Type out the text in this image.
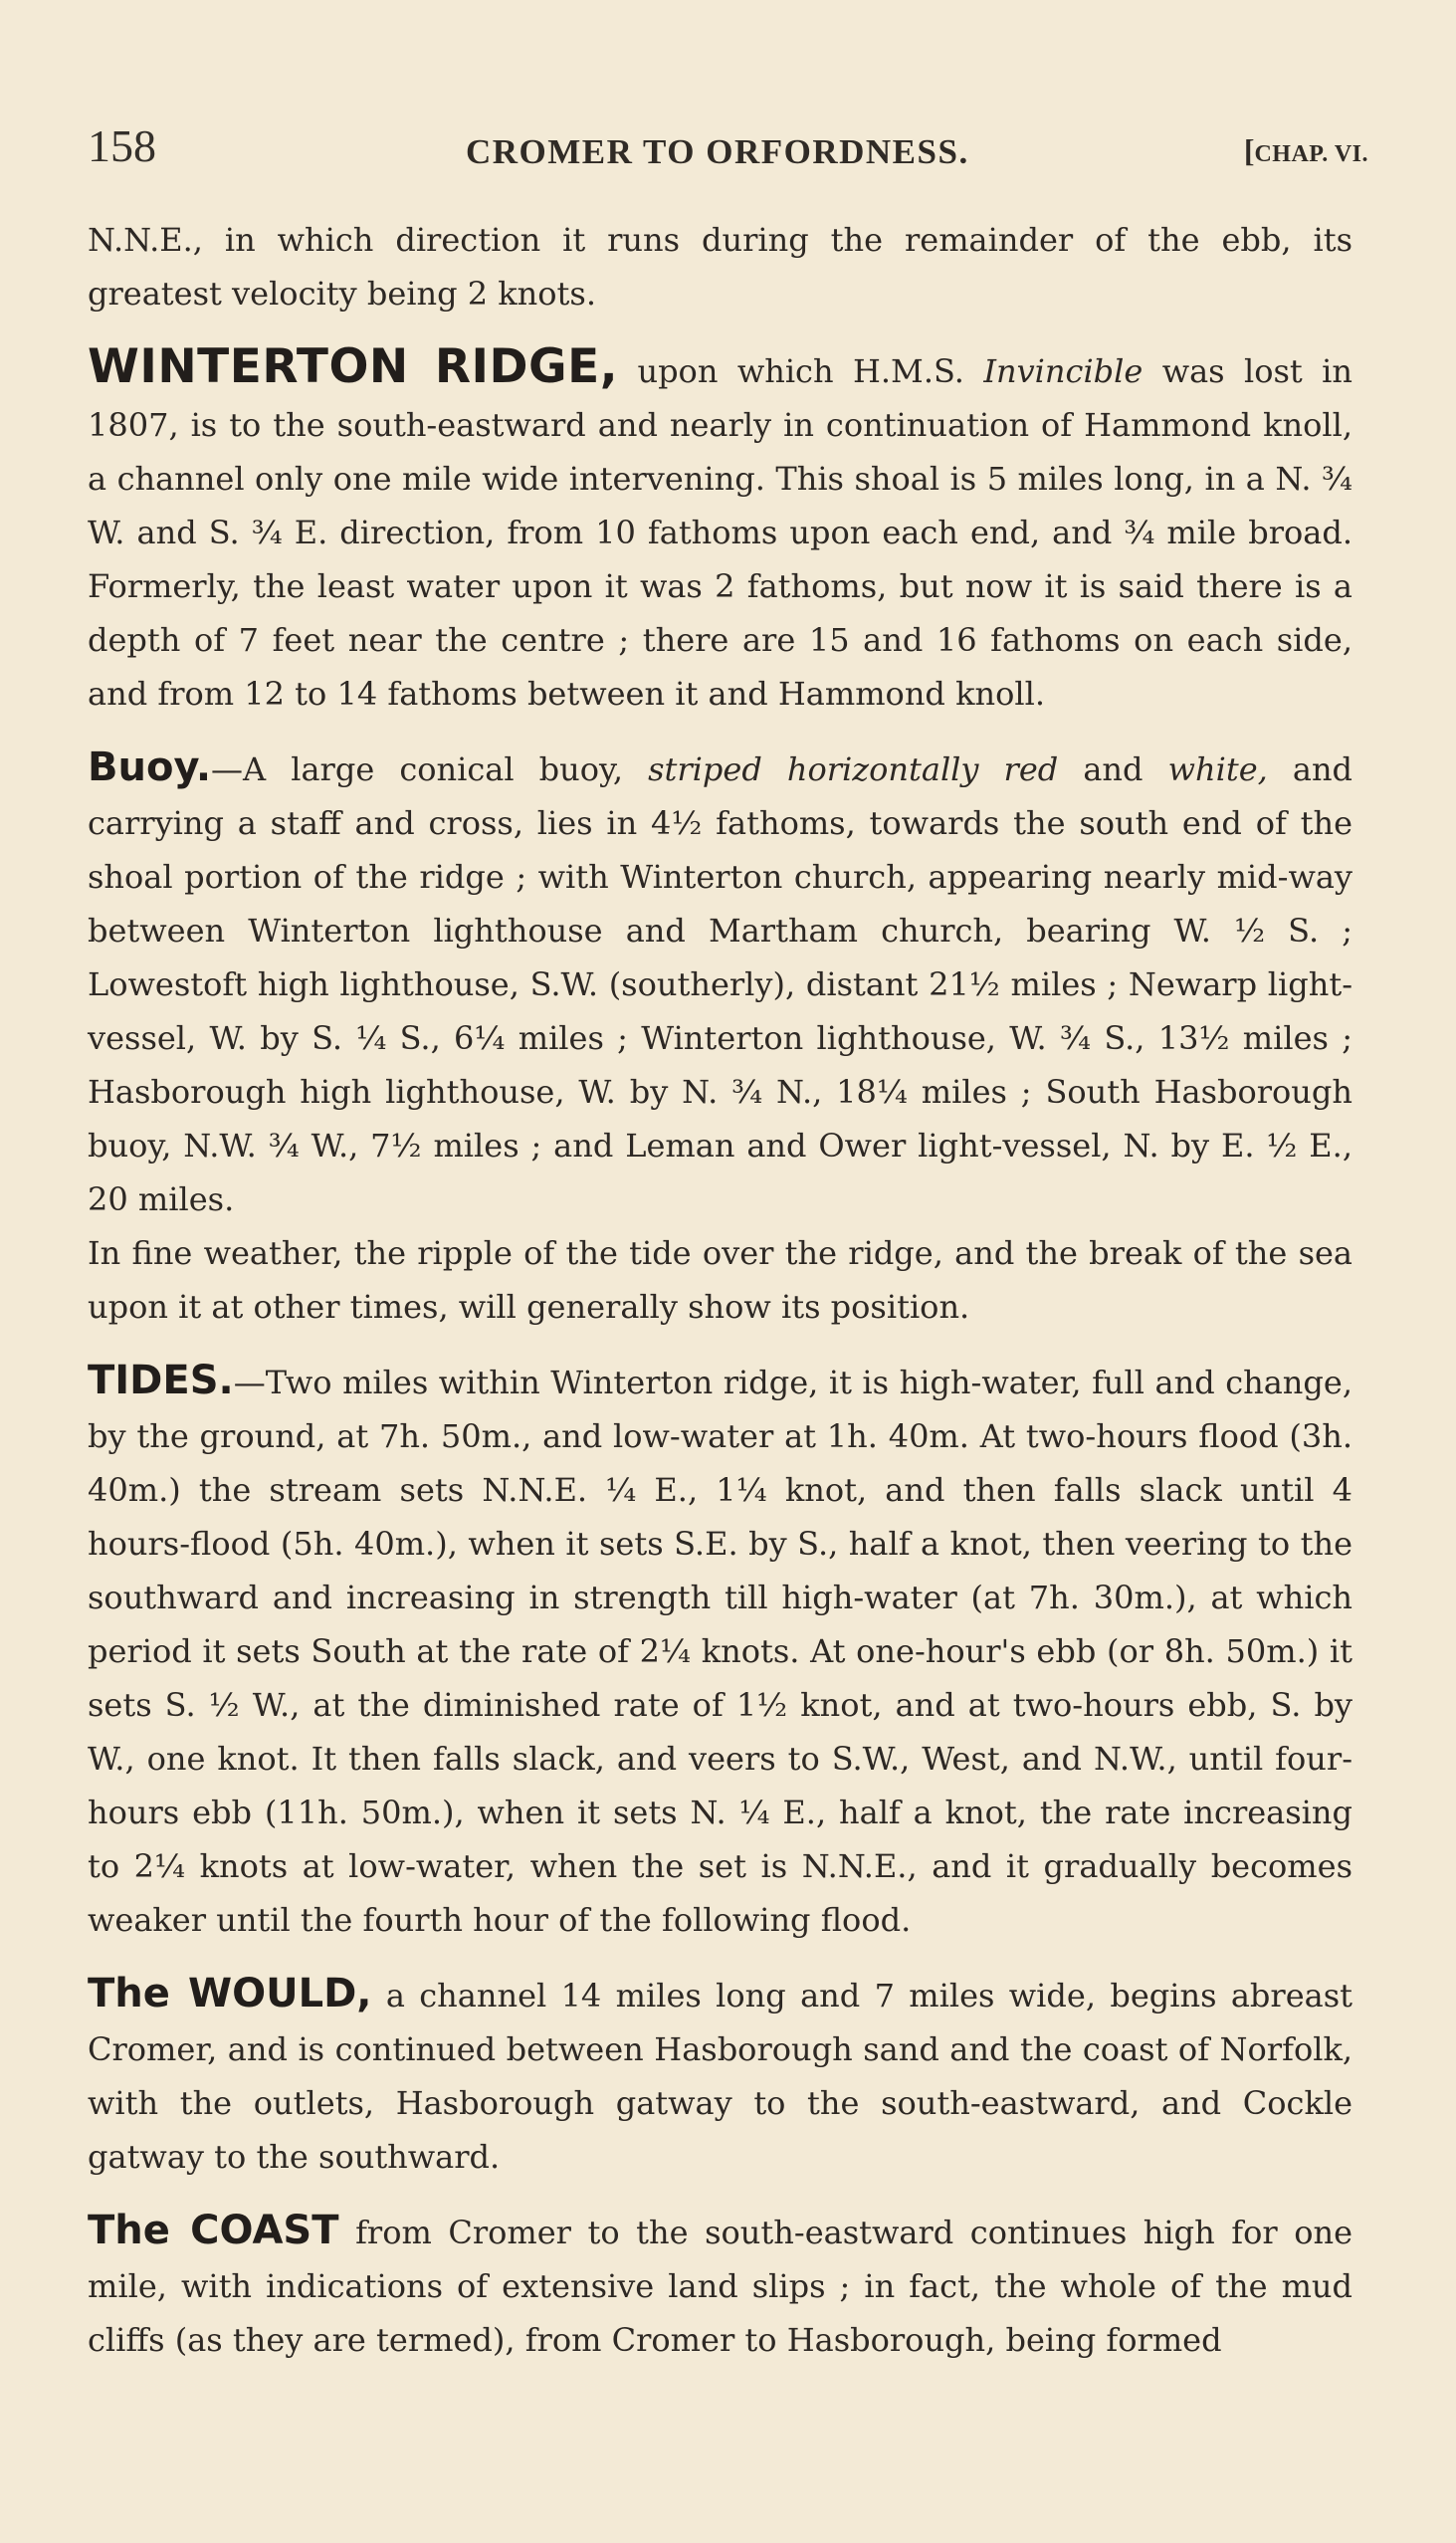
158	CROMER TO ORFORDNESS.	[CHAP. VI.

N.N.E., in which direction it runs during the remainder of the ebb, its greatest velocity being 2 knots.

WINTERTON RIDGE, upon which H.M.S. Invincible was lost in 1807, is to the south-eastward and nearly in continuation of Hammond knoll, a channel only one mile wide intervening. This shoal is 5 miles long, in a N. ¾ W. and S. ¾ E. direction, from 10 fathoms upon each end, and ¾ mile broad. Formerly, the least water upon it was 2 fathoms, but now it is said there is a depth of 7 feet near the centre ; there are 15 and 16 fathoms on each side, and from 12 to 14 fathoms between it and Hammond knoll.

Buoy.—A large conical buoy, striped horizontally red and white, and carrying a staff and cross, lies in 4½ fathoms, towards the south end of the shoal portion of the ridge ; with Winterton church, appearing nearly mid-way between Winterton lighthouse and Martham church, bearing W. ½ S. ; Lowestoft high lighthouse, S.W. (southerly), distant 21½ miles ; Newarp light-vessel, W. by S. ¼ S., 6¼ miles ; Winterton lighthouse, W. ¾ S., 13½ miles ; Hasborough high lighthouse, W. by N. ¾ N., 18¼ miles ; South Hasborough buoy, N.W. ¾ W., 7½ miles ; and Leman and Ower light-vessel, N. by E. ½ E., 20 miles.

In fine weather, the ripple of the tide over the ridge, and the break of the sea upon it at other times, will generally show its position.

TIDES.—Two miles within Winterton ridge, it is high-water, full and change, by the ground, at 7h. 50m., and low-water at 1h. 40m. At two-hours flood (3h. 40m.) the stream sets N.N.E. ¼ E., 1¼ knot, and then falls slack until 4 hours-flood (5h. 40m.), when it sets S.E. by S., half a knot, then veering to the southward and increasing in strength till high-water (at 7h. 30m.), at which period it sets South at the rate of 2¼ knots. At one-hour's ebb (or 8h. 50m.) it sets S. ½ W., at the diminished rate of 1½ knot, and at two-hours ebb, S. by W., one knot. It then falls slack, and veers to S.W., West, and N.W., until four-hours ebb (11h. 50m.), when it sets N. ¼ E., half a knot, the rate increasing to 2¼ knots at low-water, when the set is N.N.E., and it gradually becomes weaker until the fourth hour of the following flood.

The WOULD, a channel 14 miles long and 7 miles wide, begins abreast Cromer, and is continued between Hasborough sand and the coast of Norfolk, with the outlets, Hasborough gatway to the south-eastward, and Cockle gatway to the southward.

The COAST from Cromer to the south-eastward continues high for one mile, with indications of extensive land slips ; in fact, the whole of the mud cliffs (as they are termed), from Cromer to Hasborough, being formed
